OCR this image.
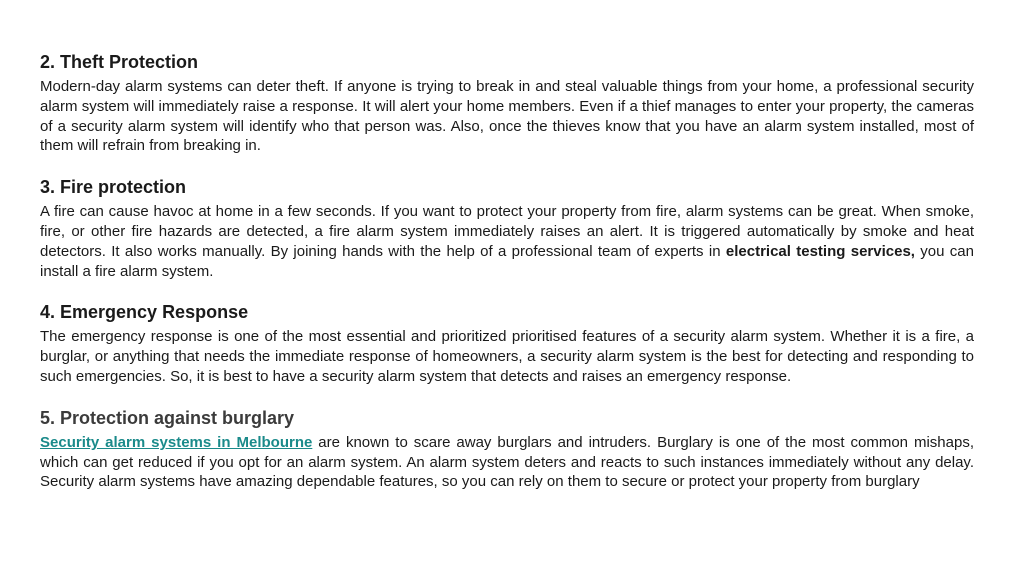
2. Theft Protection

Modern-day alarm systems can deter theft. If anyone is trying to break in and steal valuable things from your home, a professional security alarm system will immediately raise a response. It will alert your home members. Even if a thief manages to enter your property, the cameras of a security alarm system will identify who that person was. Also, once the thieves know that you have an alarm system installed, most of them will refrain from breaking in.

3. Fire protection

A fire can cause havoc at home in a few seconds. If you want to protect your property from fire, alarm systems can be great. When smoke, fire, or other fire hazards are detected, a fire alarm system immediately raises an alert. It is triggered automatically by smoke and heat detectors. It also works manually. By joining hands with the help of a professional team of experts in electrical testing services, you can install a fire alarm system.

4. Emergency Response

The emergency response is one of the most essential and prioritized prioritised features of a security alarm system. Whether it is a fire, a burglar, or anything that needs the immediate response of homeowners, a security alarm system is the best for detecting and responding to such emergencies. So, it is best to have a security alarm system that detects and raises an emergency response.

5. Protection against burglary

Security alarm systems in Melbourne are known to scare away burglars and intruders. Burglary is one of the most common mishaps, which can get reduced if you opt for an alarm system. An alarm system deters and reacts to such instances immediately without any delay. Security alarm systems have amazing dependable features, so you can rely on them to secure or protect your property from burglary
